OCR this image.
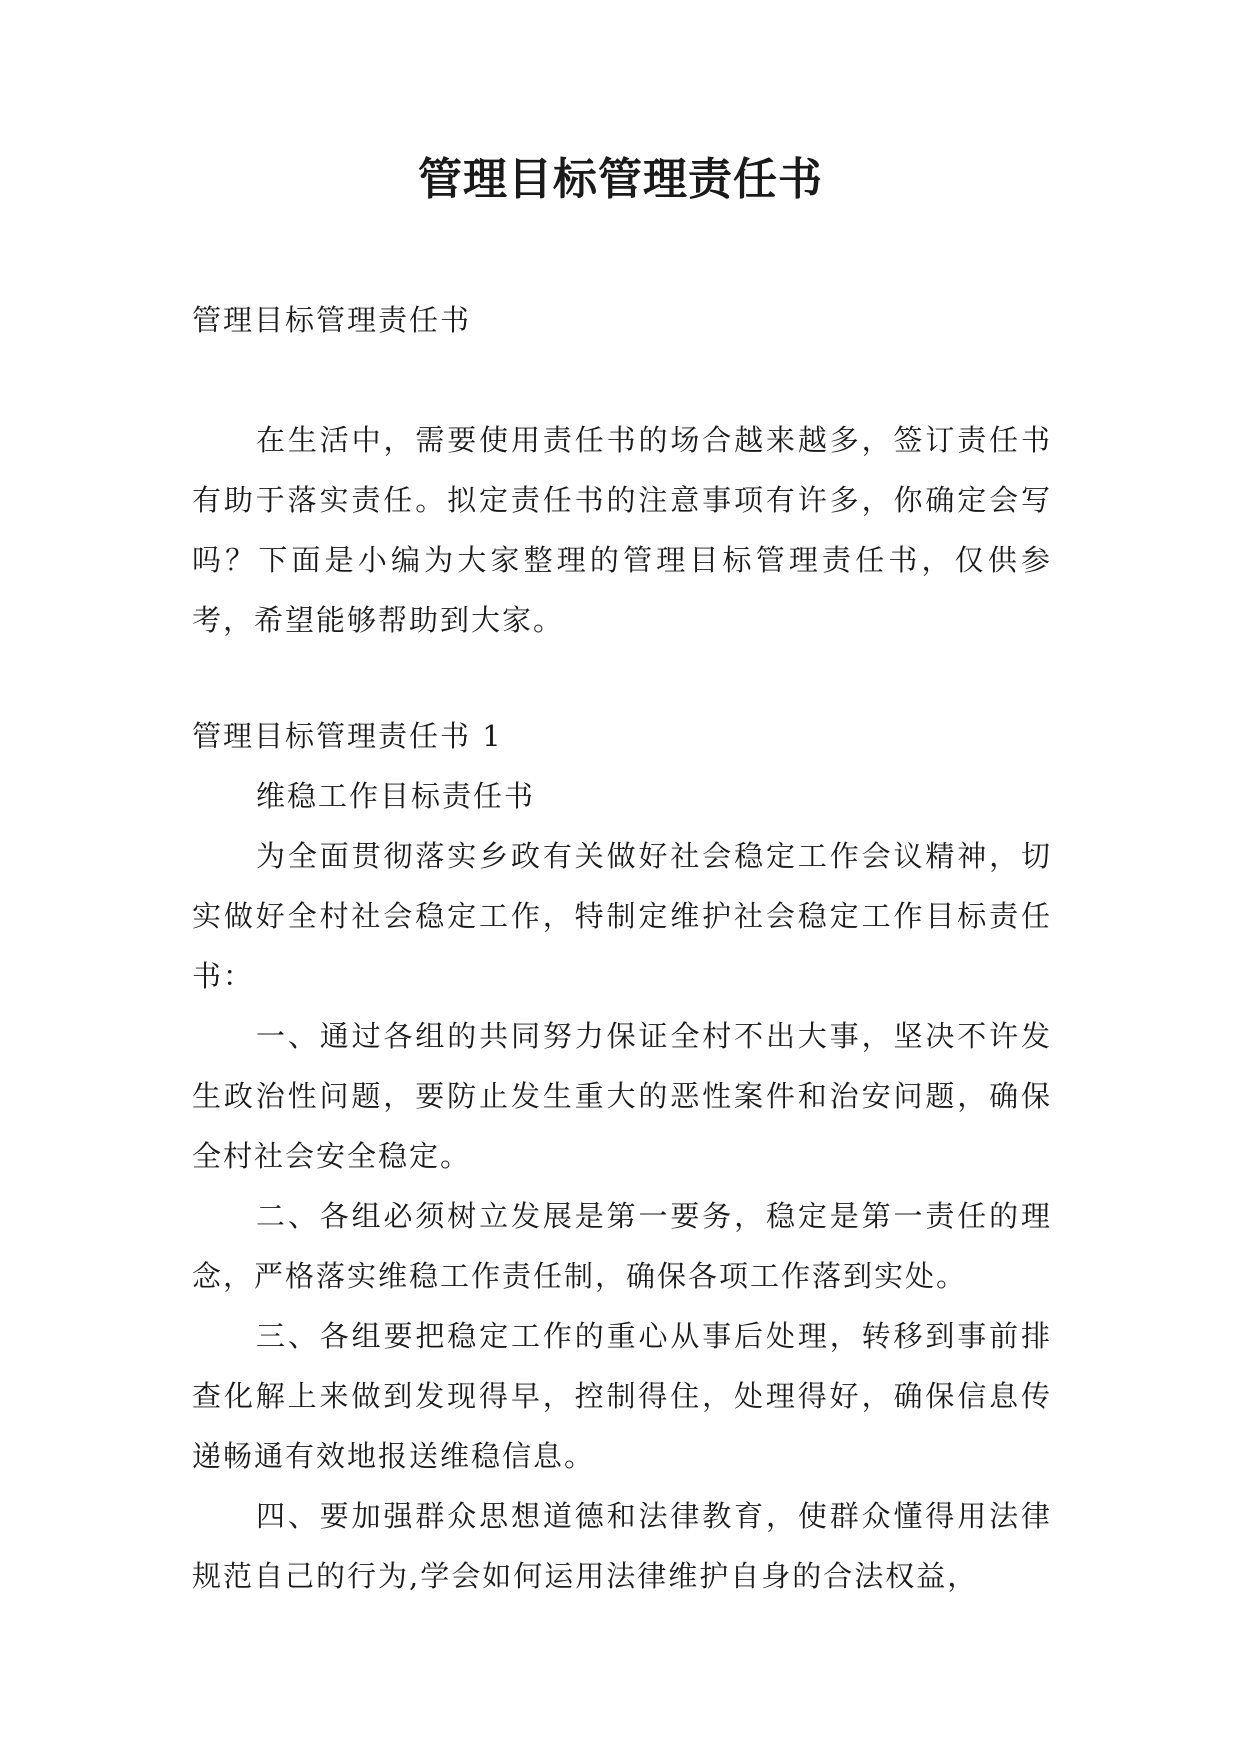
管理目标管理责任书

管理目标管理责任书

在生活中，需要使用责任书的场合越来越多，签订责任书有助于落实责任。拟定责任书的注意事项有许多，你确定会写吗？下面是小编为大家整理的管理目标管理责任书，仅供参考，希望能够帮助到大家。

管理目标管理责任书 1

维稳工作目标责任书

为全面贯彻落实乡政有关做好社会稳定工作会议精神，切实做好全村社会稳定工作，特制定维护社会稳定工作目标责任书：

一、通过各组的共同努力保证全村不出大事，坚决不许发生政治性问题，要防止发生重大的恶性案件和治安问题，确保全村社会安全稳定。

二、各组必须树立发展是第一要务，稳定是第一责任的理念，严格落实维稳工作责任制，确保各项工作落到实处。

三、各组要把稳定工作的重心从事后处理，转移到事前排查化解上来做到发现得早，控制得住，处理得好，确保信息传递畅通有效地报送维稳信息。

四、要加强群众思想道德和法律教育，使群众懂得用法律规范自己的行为,学会如何运用法律维护自身的合法权益，
